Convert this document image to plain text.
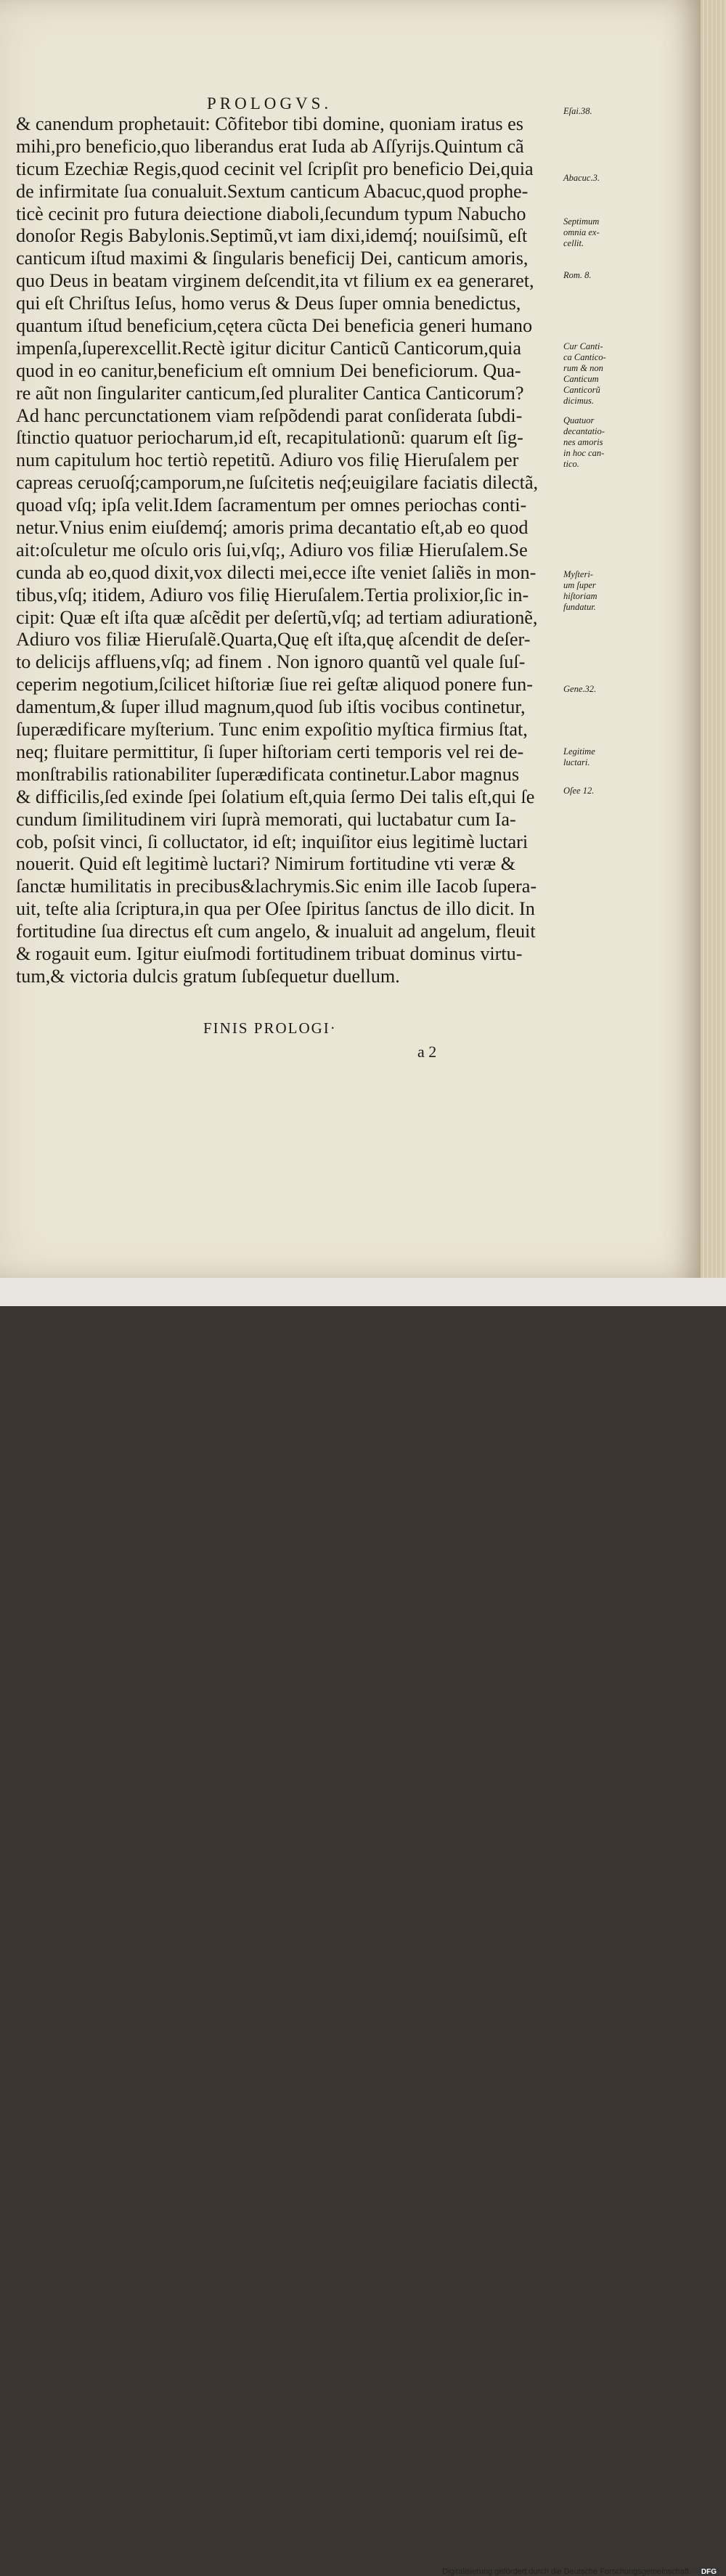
PROLOGVS.
& canendum prophetauit: Cõfitebor tibi domine, quoniam iratus es
mihi,pro beneficio,quo liberandus erat Iuda ab Aſſyrijs.Quintum cã
ticum Ezechiæ Regis,quod cecinit vel ſcripſit pro beneficio Dei,quia
de infirmitate ſua conualuit.Sextum canticum Abacuc,quod prophe-
ticè cecinit pro futura deiectione diaboli,ſecundum typum Nabucho
donoſor Regis Babylonis.Septimũ,vt iam dixi,idemq́; nouiſsimũ, eſt
canticum iſtud maximi & ſingularis beneficij Dei, canticum amoris,
quo Deus in beatam virginem deſcendit,ita vt filium ex ea generaret,
qui eſt Chriſtus Ieſus, homo verus & Deus ſuper omnia benedictus,
quantum iſtud beneficium,cętera cũcta Dei beneficia generi humano
impenſa,ſuperexcellit.Rectè igitur dicitur Canticũ Canticorum,quia
quod in eo canitur,beneficium eſt omnium Dei beneficiorum. Qua-
re aũt non ſingulariter canticum,ſed pluraliter Cantica Canticorum?
Ad hanc percunctationem viam reſpõdendi parat conſiderata ſubdi-
ſtinctio quatuor periocharum,id eſt, recapitulationũ: quarum eſt ſig-
num capitulum hoc tertiò repetitũ. Adiuro vos filię Hieruſalem per
capreas ceruoſq́;camporum,ne ſuſcitetis neq́;euigilare faciatis dilectã,
quoad vſq; ipſa velit.Idem ſacramentum per omnes periochas conti-
netur.Vnius enim eiuſdemq́; amoris prima decantatio eſt,ab eo quod
ait:oſculetur me oſculo oris ſui,vſq;, Adiuro vos filiæ Hieruſalem.Se
cunda ab eo,quod dixit,vox dilecti mei,ecce iſte veniet ſaliẽs in mon-
tibus,vſq; itidem, Adiuro vos filię Hieruſalem.Tertia prolixior,ſic in-
cipit: Quæ eſt iſta quæ aſcẽdit per deſertũ,vſq; ad tertiam adiurationẽ,
Adiuro vos filiæ Hieruſalẽ.Quarta,Quę eſt iſta,quę aſcendit de deſer-
to delicijs affluens,vſq; ad finem . Non ignoro quantũ vel quale ſuſ-
ceperim negotium,ſcilicet hiſtoriæ ſiue rei geſtæ aliquod ponere fun-
damentum,& ſuper illud magnum,quod ſub iſtis vocibus continetur,
ſuperædificare myſterium. Tunc enim expoſitio myſtica firmius ſtat,
neq; fluitare permittitur, ſi ſuper hiſtoriam certi temporis vel rei de-
monſtrabilis rationabiliter ſuperædificata continetur.Labor magnus
& difficilis,ſed exinde ſpei ſolatium eſt,quia ſermo Dei talis eſt,qui ſe
cundum ſimilitudinem viri ſuprà memorati, qui luctabatur cum Ia-
cob, poſsit vinci, ſi colluctator, id eſt; inquiſitor eius legitimè luctari
nouerit. Quid eſt legitimè luctari? Nimirum fortitudine vti veræ &
ſanctæ humilitatis in precibus&lachrymis.Sic enim ille Iacob ſupera-
uit, teſte alia ſcriptura,in qua per Oſee ſpiritus ſanctus de illo dicit. In
fortitudine ſua directus eſt cum angelo, & inualuit ad angelum, fleuit
& rogauit eum. Igitur eiuſmodi fortitudinem tribuat dominus virtu-
tum,& victoria dulcis gratum ſubſequetur duellum.
Eſai.38.
Abacuc.3.
Septimum
omnia ex-
cellit.
Rom. 8.
Cur Canti-
ca Cantico-
rum & non
Canticum
Canticorũ
dicimus.
Quatuor
decantatio-
nes amoris
in hoc can-
tico.
Myſteri-
um ſuper
hiſtoriam
fundatur.
Gene.32.
Legitime
luctari.
Oſee 12.
FINIS PROLOGI·
a 2
Digitalisierung gefördert durch die Deutsche Forschungsgemeinschaft · DFG
